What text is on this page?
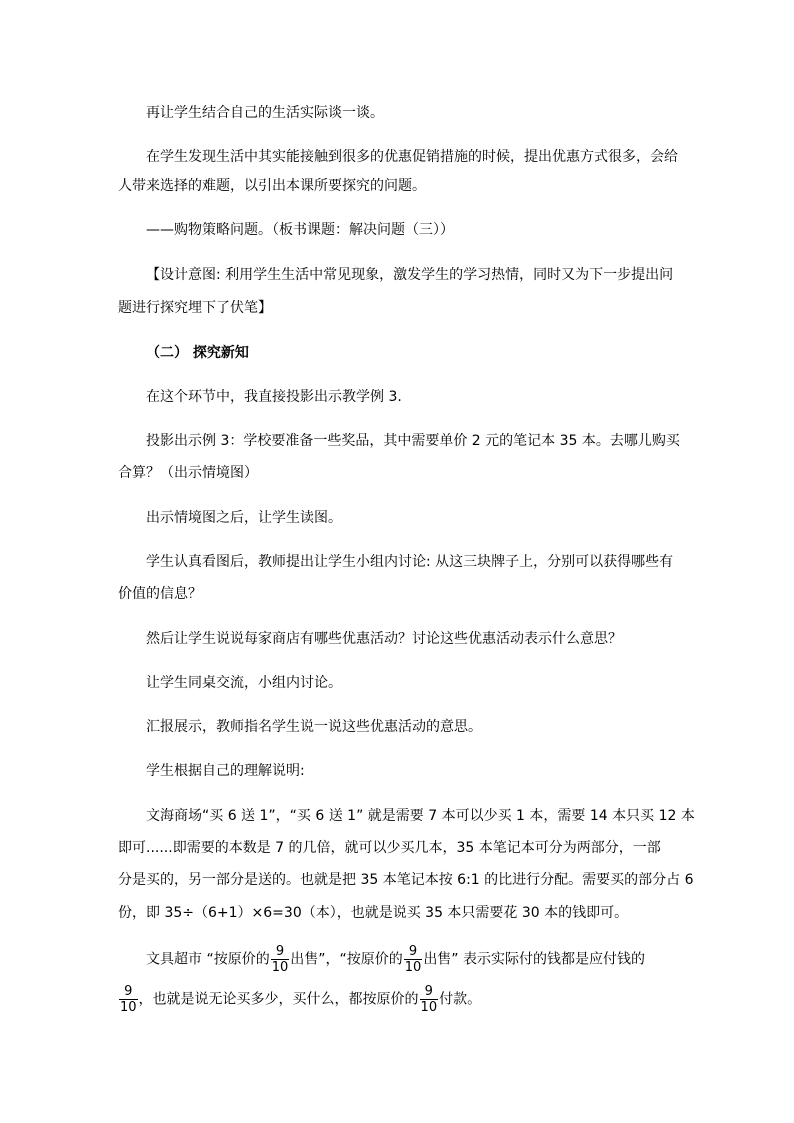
再让学生结合自己的生活实际谈一谈。
在学生发现生活中其实能接触到很多的优惠促销措施的时候，提出优惠方式很多，会给
人带来选择的难题，以引出本课所要探究的问题。
——购物策略问题。（板书课题：解决问题（三））
【设计意图: 利用学生生活中常见现象，激发学生的学习热情，同时又为下一步提出问
题进行探究埋下了伏笔】
（二） 探究新知
在这个环节中，我直接投影出示教学例 3.
投影出示例 3：学校要准备一些奖品，其中需要单价 2 元的笔记本 35 本。去哪儿购买
合算？（出示情境图）
出示情境图之后，让学生读图。
学生认真看图后，教师提出让学生小组内讨论: 从这三块牌子上，分别可以获得哪些有
价值的信息？
然后让学生说说每家商店有哪些优惠活动？讨论这些优惠活动表示什么意思？
让学生同桌交流，小组内讨论。
汇报展示，教师指名学生说一说这些优惠活动的意思。
学生根据自己的理解说明:
文海商场“买 6 送 1”，“买 6 送 1” 就是需要 7 本可以少买 1 本，需要 14 本只买 12 本
即可......即需要的本数是 7 的几倍，就可以少买几本，35 本笔记本可分为两部分，一部
分是买的，另一部分是送的。也就是把 35 本笔记本按 6:1 的比进行分配。需要买的部分占 6
份，即 35÷（6+1）×6=30（本），也就是说买 35 本只需要花 30 本的钱即可。
文具超市 “按原价的 $\frac{9}{10}$ 出售”，“按原价的 $\frac{9}{10}$ 出售” 表示实际付的钱都是应付钱的
$\frac{9}{10}$ ，也就是说无论买多少，买什么，都按原价的 $\frac{9}{10}$ 付款。
